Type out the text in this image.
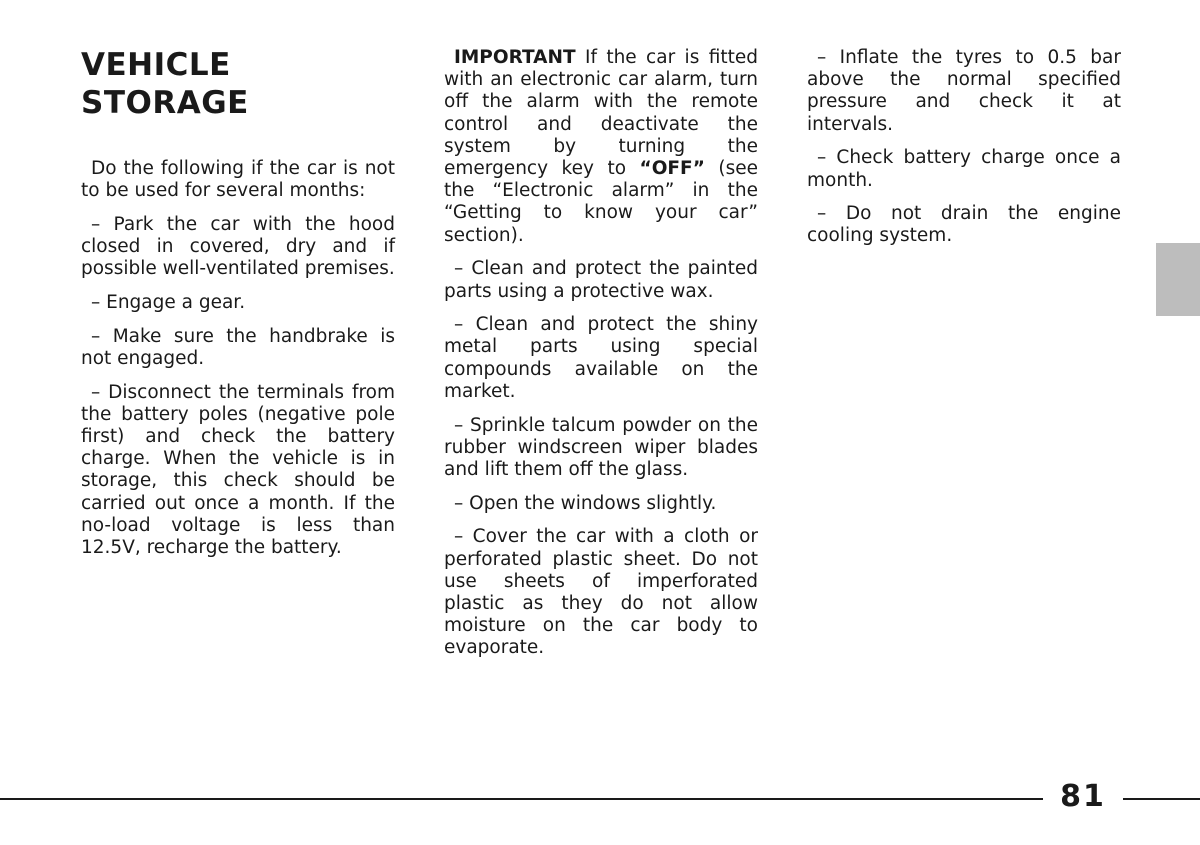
VEHICLE
STORAGE

Do the following if the car is not to be used for several months:

– Park the car with the hood closed in covered, dry and if possible well-ventilated premises.

– Engage a gear.

– Make sure the handbrake is not engaged.

– Disconnect the terminals from the battery poles (negative pole first) and check the battery charge. When the vehicle is in storage, this check should be carried out once a month. If the no-load voltage is less than 12.5V, recharge the battery.

IMPORTANT If the car is fitted with an electronic car alarm, turn off the alarm with the remote control and deactivate the system by turning the emergency key to “OFF” (see the “Electronic alarm” in the “Getting to know your car” section).

– Clean and protect the painted parts using a protective wax.

– Clean and protect the shiny metal parts using special compounds available on the market.

– Sprinkle talcum powder on the rubber windscreen wiper blades and lift them off the glass.

– Open the windows slightly.

– Cover the car with a cloth or perforated plastic sheet. Do not use sheets of imperforated plastic as they do not allow moisture on the car body to evaporate.

– Inflate the tyres to 0.5 bar above the normal specified pressure and check it at intervals.

– Check battery charge once a month.

– Do not drain the engine cooling system.

81
